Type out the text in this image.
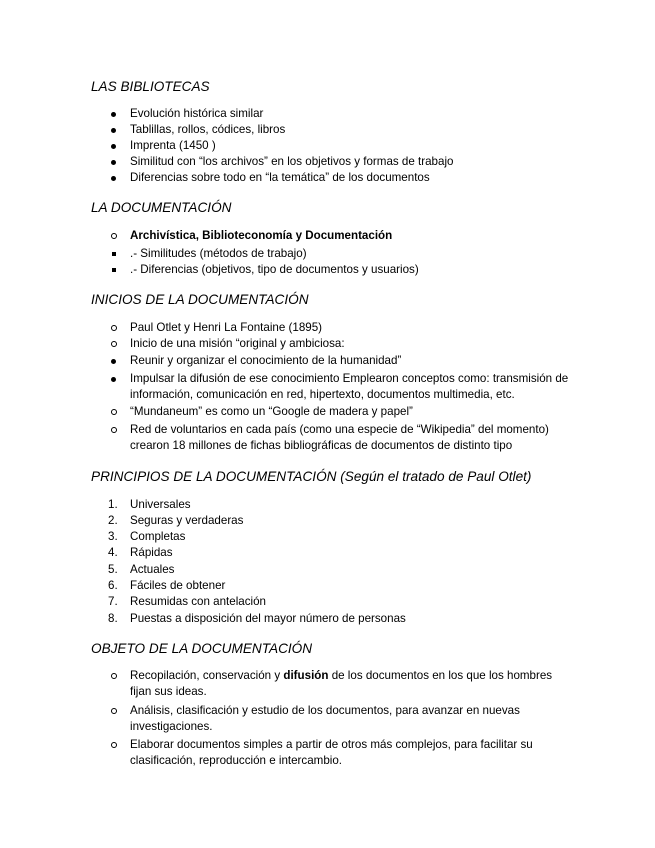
LAS BIBLIOTECAS
Evolución histórica similar
Tablillas, rollos, códices, libros
Imprenta (1450 )
Similitud con “los archivos” en los objetivos y formas de trabajo
Diferencias sobre todo en “la temática” de los documentos
LA DOCUMENTACIÓN
Archivística, Biblioteconomía y Documentación
.- Similitudes (métodos de trabajo)
.- Diferencias (objetivos, tipo de documentos y usuarios)
INICIOS DE LA DOCUMENTACIÓN
Paul Otlet y Henri La Fontaine (1895)
Inicio de una misión “original y ambiciosa:
Reunir y organizar el conocimiento de la humanidad”
Impulsar la difusión de ese conocimiento Emplearon conceptos como: transmisión de información, comunicación en red, hipertexto, documentos multimedia, etc.
“Mundaneum” es como un “Google de madera y papel”
Red de voluntarios en cada país (como una especie de “Wikipedia” del momento) crearon 18 millones de fichas bibliográficas de documentos de distinto tipo
PRINCIPIOS DE LA DOCUMENTACIÓN (Según el tratado de Paul Otlet)
1.	Universales
2.	Seguras y verdaderas
3.	Completas
4.	Rápidas
5.	Actuales
6.	Fáciles de obtener
7.	Resumidas con antelación
8.	Puestas a disposición del mayor número de personas
OBJETO DE LA DOCUMENTACIÓN
Recopilación, conservación y difusión de los documentos en los que los hombres fijan sus ideas.
Análisis, clasificación y estudio de los documentos, para avanzar en nuevas investigaciones.
Elaborar documentos simples a partir de otros más complejos, para facilitar su clasificación, reproducción e intercambio.
